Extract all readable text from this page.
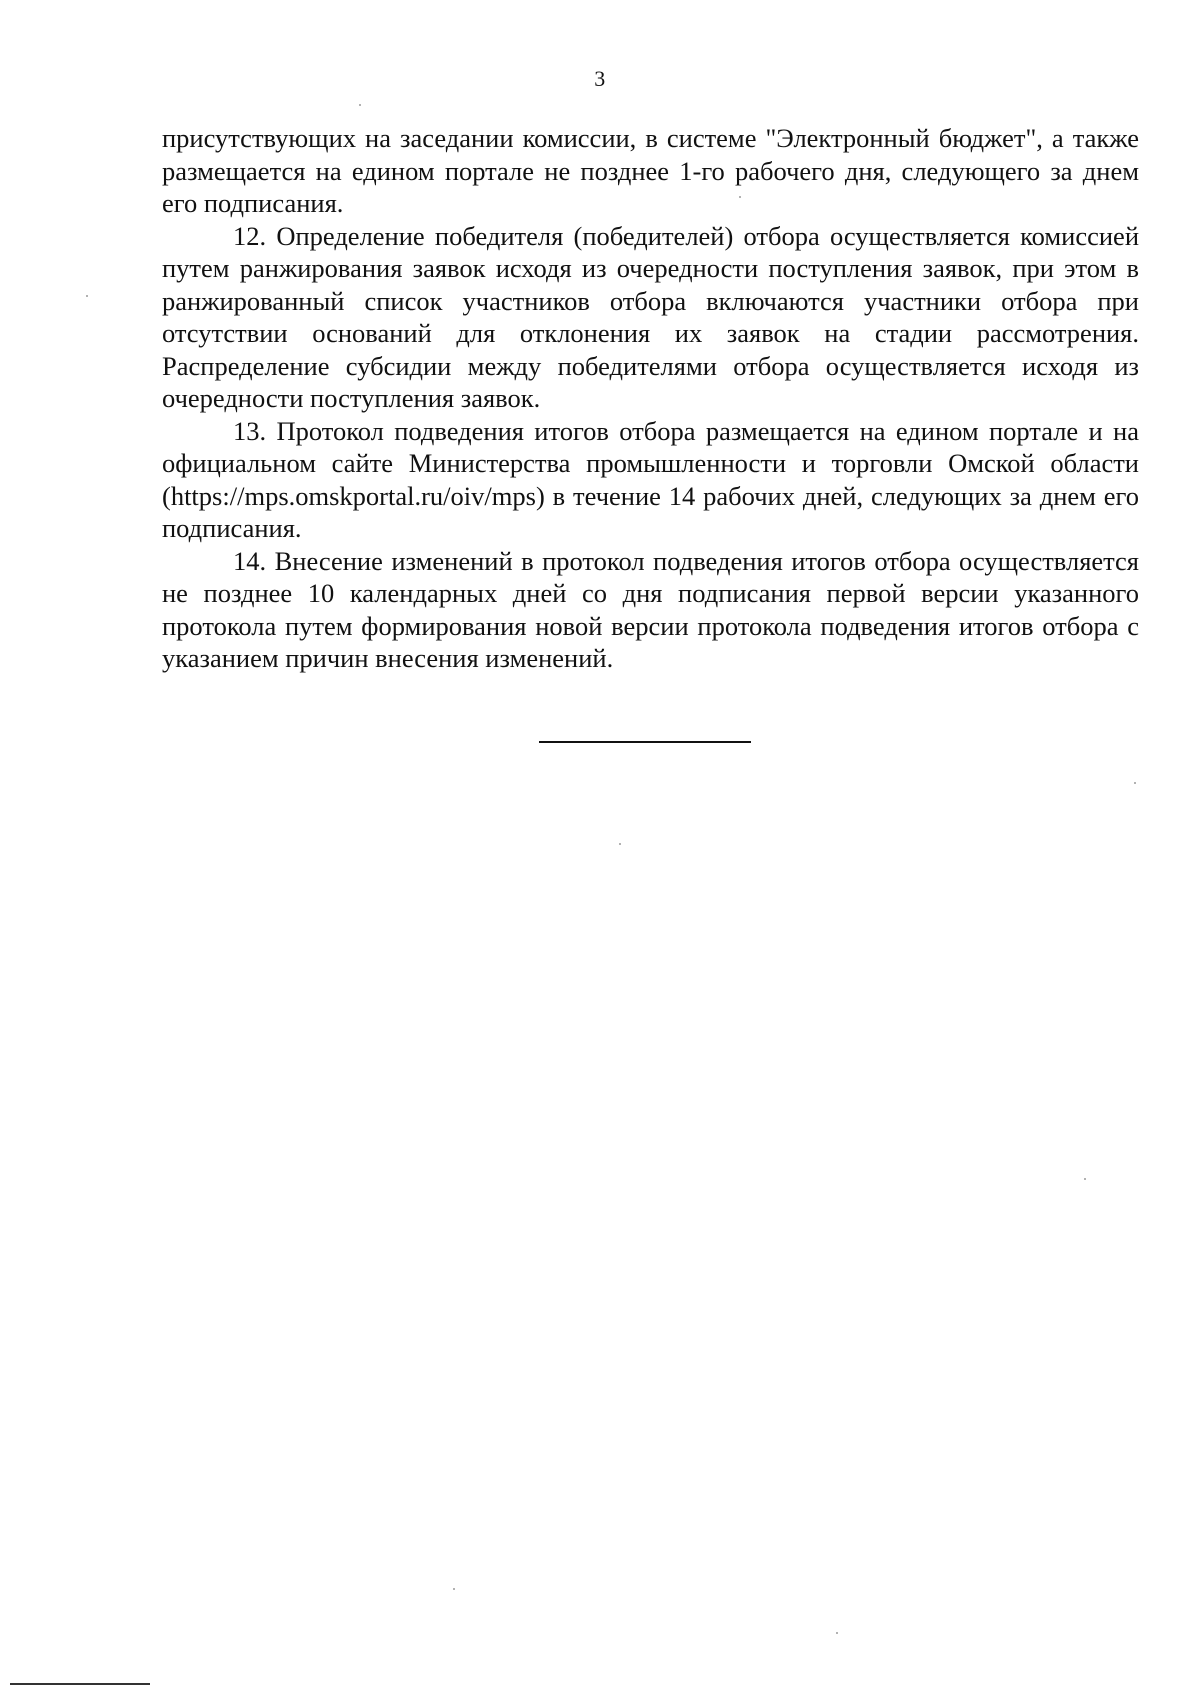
3

присутствующих на заседании комиссии, в системе "Электронный бюджет", а также размещается на едином портале не позднее 1-го рабочего дня, следующего за днем его подписания.

12. Определение победителя (победителей) отбора осуществляется комиссией путем ранжирования заявок исходя из очередности поступления заявок, при этом в ранжированный список участников отбора включаются участники отбора при отсутствии оснований для отклонения их заявок на стадии рассмотрения. Распределение субсидии между победителями отбора осуществляется исходя из очередности поступления заявок.

13. Протокол подведения итогов отбора размещается на едином портале и на официальном сайте Министерства промышленности и торговли Омской области (https://mps.omskportal.ru/oiv/mps) в течение 14 рабочих дней, следующих за днем его подписания.

14. Внесение изменений в протокол подведения итогов отбора осуществляется не позднее 10 календарных дней со дня подписания первой версии указанного протокола путем формирования новой версии протокола подведения итогов отбора с указанием причин внесения изменений.
